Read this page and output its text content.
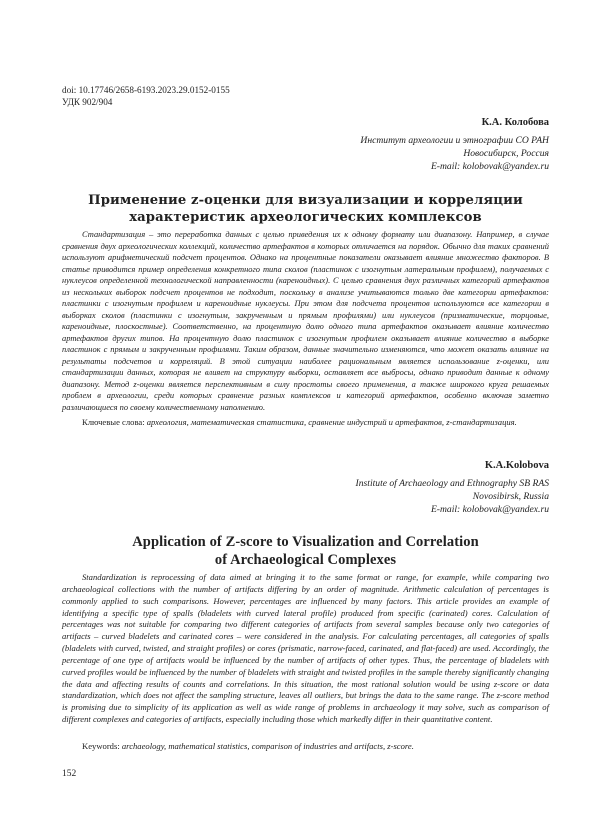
doi: 10.17746/2658-6193.2023.29.0152-0155
УДК 902/904
К.А. Колобова
Институт археологии и этнографии СО РАН
Новосибирск, Россия
E-mail: kolobovak@yandex.ru
Применение z-оценки для визуализации и корреляции
характеристик археологических комплексов

Стандартизация – это переработка данных с целью приведения их к одному формату или диапазону. Например, в случае сравнения двух археологических коллекций, количество артефактов в которых отличается на порядок. Обычно для таких сравнений используют арифметический подсчет процентов. Однако на процентные показатели оказывает влияние множество факторов. В статье приводится пример определения конкретного типа сколов (пластинок с изогнутым латеральным профилем), получаемых с нуклеусов определенной технологической направленности (кареноидных). С целью сравнения двух различных категорий артефактов из нескольких выборок подсчет процентов не подходит, поскольку в анализе учитываются только две категории артефактов: пластинки с изогнутым профилем и кареноидные нуклеусы. При этом для подсчета процентов используются все категории в выборках сколов (пластинки с изогнутым, закрученным и прямым профилями) или нуклеусов (призматические, торцовые, кареноидные, плоскостные). Соответственно, на процентную долю одного типа артефактов оказывает влияние количество артефактов других типов. На процентную долю пластинок с изогнутым профилем оказывает влияние количество в выборке пластинок с прямым и закрученным профилями. Таким образом, данные значительно изменяются, что может оказать влияние на результаты подсчетов и корреляций. В этой ситуации наиболее рациональным является использование z-оценки, или стандартизации данных, которая не влияет на структуру выборки, оставляет все выбросы, однако приводит данные к одному диапазону. Метод z-оценки является перспективным в силу простоты своего применения, а также широкого круга решаемых проблем в археологии, среди которых сравнение разных комплексов и категорий артефактов, особенно включая заметно различающиеся по своему количественному наполнению.

Ключевые слова: археология, математическая статистика, сравнение индустрий и артефактов, z-стандартизация.
K.A.Kolobova
Institute of Archaeology and Ethnography SB RAS
Novosibirsk, Russia
E-mail: kolobovak@yandex.ru
Application of Z-score to Visualization and Correlation
of Archaeological Complexes

Standardization is reprocessing of data aimed at bringing it to the same format or range, for example, while comparing two archaeological collections with the number of artifacts differing by an order of magnitude. Arithmetic calculation of percentages is commonly applied to such comparisons. However, percentages are influenced by many factors. This article provides an example of identifying a specific type of spalls (bladelets with curved lateral profile) produced from specific (carinated) cores. Calculation of percentages was not suitable for comparing two different categories of artifacts from several samples because only two categories of artifacts – curved bladelets and carinated cores – were considered in the analysis. For calculating percentages, all categories of spalls (bladelets with curved, twisted, and straight profiles) or cores (prismatic, narrow-faced, carinated, and flat-faced) are used. Accordingly, the percentage of one type of artifacts would be influenced by the number of artifacts of other types. Thus, the percentage of bladelets with curved profiles would be influenced by the number of bladelets with straight and twisted profiles in the sample thereby significantly changing the data and affecting results of counts and correlations. In this situation, the most rational solution would be using z-score or data standardization, which does not affect the sampling structure, leaves all outliers, but brings the data to the same range. The z-score method is promising due to simplicity of its application as well as wide range of problems in archaeology it may solve, such as comparison of different complexes and categories of artifacts, especially including those which markedly differ in their quantitative content.

Keywords: archaeology, mathematical statistics, comparison of industries and artifacts, z-score.
152
